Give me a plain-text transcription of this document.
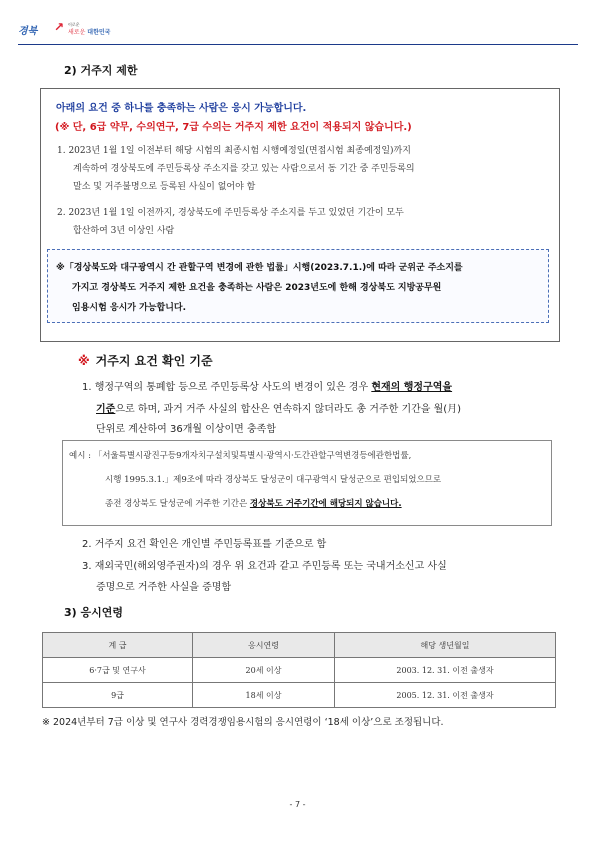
경북 ↗ 이로운
새로운 대한민국
2) 거주지 제한
아래의 요건 중 하나를 충족하는 사람은 응시 가능합니다.
(※ 단, 6급 약무, 수의연구, 7급 수의는 거주지 제한 요건이 적용되지 않습니다.)
1. 2023년 1월 1일 이전부터 해당 시험의 최종시험 시행예정일(면접시험 최종예정일)까지
계속하여 경상북도에 주민등록상 주소지를 갖고 있는 사람으로서 동 기간 중 주민등록의
말소 및 거주불명으로 등록된 사실이 없어야 함
2. 2023년 1월 1일 이전까지, 경상북도에 주민등록상 주소지를 두고 있었던 기간이 모두
합산하여 3년 이상인 사람
※「경상북도와 대구광역시 간 관할구역 변경에 관한 법률」시행(2023.7.1.)에 따라 군위군 주소지를
가지고 경상북도 거주지 제한 요건을 충족하는 사람은 2023년도에 한해 경상북도 지방공무원
임용시험 응시가 가능합니다.
※ 거주지 요건 확인 기준
1. 행정구역의 통폐합 등으로 주민등록상 사도의 변경이 있은 경우 현재의 행정구역을
기준으로 하며, 과거 거주 사실의 합산은 연속하지 않더라도 총 거주한 기간을 월(月)
단위로 계산하여 36개월 이상이면 충족함
예시 : 「서울특별시광진구등9개자치구설치및특별시·광역시·도간관할구역변경등에관한법률,
시행 1995.3.1.」제9조에 따라 경상북도 달성군이 대구광역시 달성군으로 편입되었으므로
종전 경상북도 달성군에 거주한 기간은 경상북도 거주기간에 해당되지 않습니다.
2. 거주지 요건 확인은 개인별 주민등록표를 기준으로 함
3. 재외국민(해외영주권자)의 경우 위 요건과 같고 주민등록 또는 국내거소신고 사실
증명으로 거주한 사실을 증명함
3) 응시연령
계 급	응시연령	해당 생년월일
6·7급 및 연구사	20세 이상	2003. 12. 31. 이전 출생자
9급	18세 이상	2005. 12. 31. 이전 출생자
※ 2024년부터 7급 이상 및 연구사 경력경쟁임용시험의 응시연령이 ‘18세 이상’으로 조정됩니다.
- 7 -
